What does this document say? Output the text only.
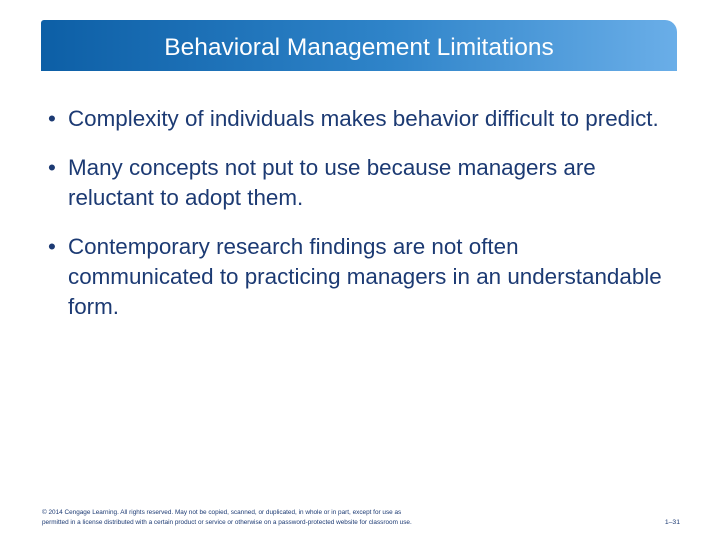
Behavioral Management Limitations
• Complexity of individuals makes behavior difficult to predict.
• Many concepts not put to use because managers are reluctant to adopt them.
• Contemporary research findings are not often communicated to practicing managers in an understandable form.
© 2014 Cengage Learning. All rights reserved. May not be copied, scanned, or duplicated, in whole or in part, except for use as
permitted in a license distributed with a certain product or service or otherwise on a password-protected website for classroom use.	1–31
